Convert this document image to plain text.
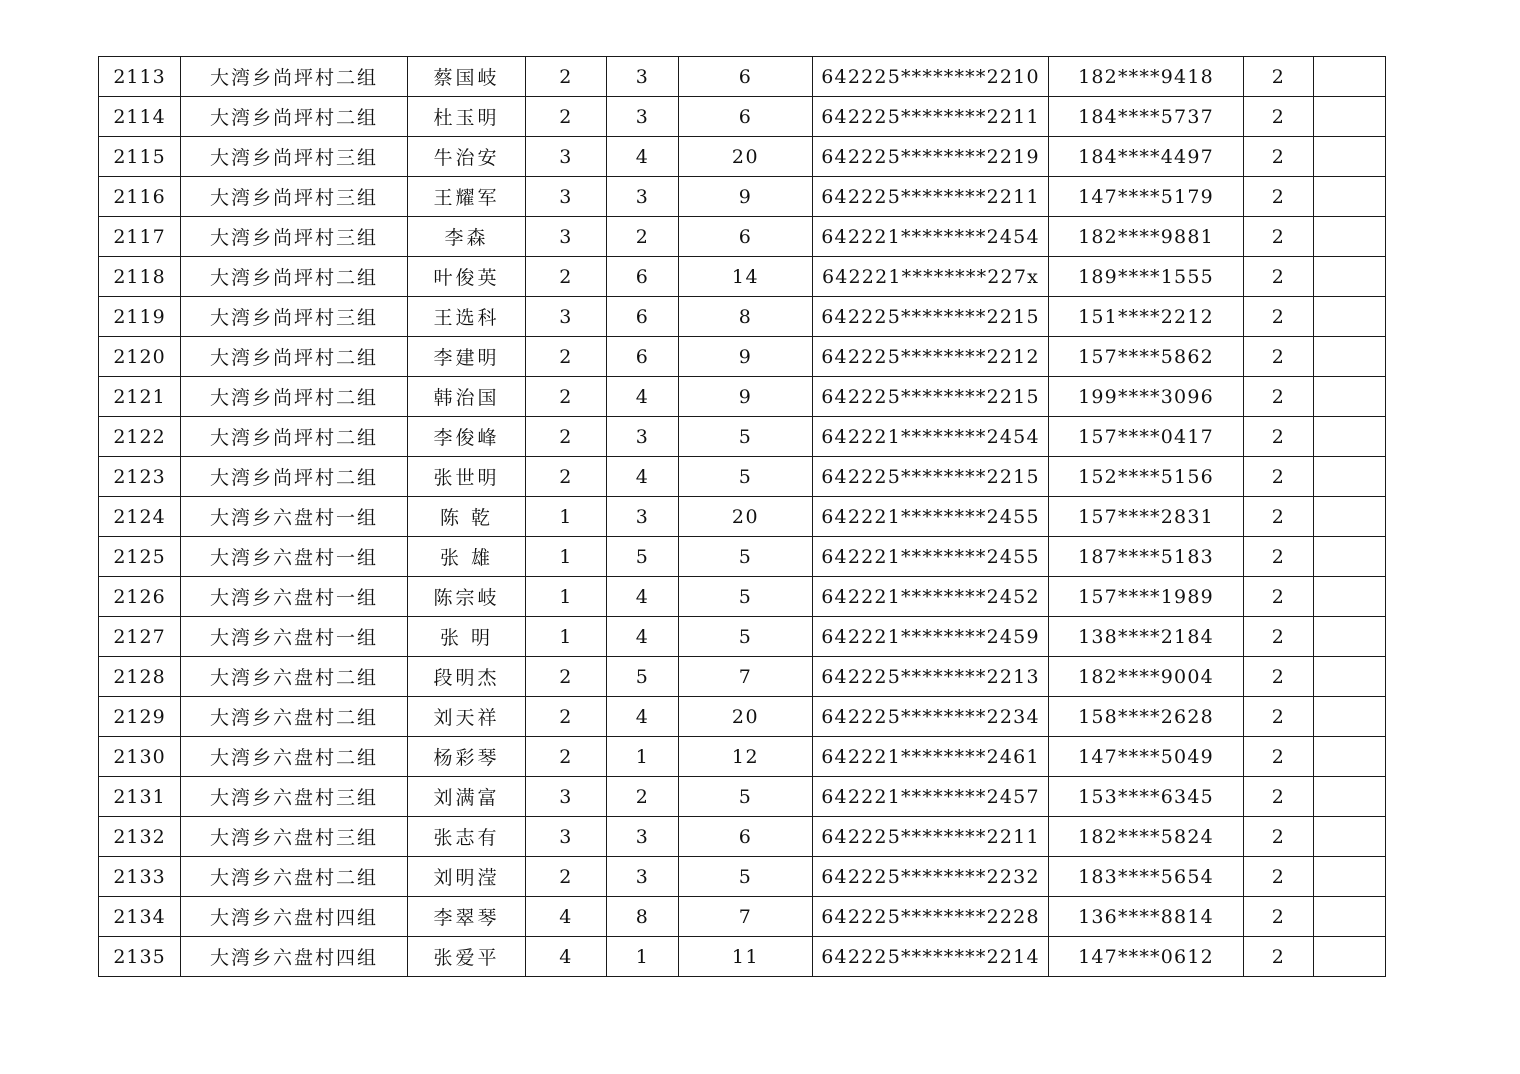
2113	大湾乡尚坪村二组	蔡国岐	2	3	6	642225********2210	182****9418	2	
2114	大湾乡尚坪村二组	杜玉明	2	3	6	642225********2211	184****5737	2	
2115	大湾乡尚坪村三组	牛治安	3	4	20	642225********2219	184****4497	2	
2116	大湾乡尚坪村三组	王耀军	3	3	9	642225********2211	147****5179	2	
2117	大湾乡尚坪村三组	李森	3	2	6	642221********2454	182****9881	2	
2118	大湾乡尚坪村二组	叶俊英	2	6	14	642221********227x	189****1555	2	
2119	大湾乡尚坪村三组	王选科	3	6	8	642225********2215	151****2212	2	
2120	大湾乡尚坪村二组	李建明	2	6	9	642225********2212	157****5862	2	
2121	大湾乡尚坪村二组	韩治国	2	4	9	642225********2215	199****3096	2	
2122	大湾乡尚坪村二组	李俊峰	2	3	5	642221********2454	157****0417	2	
2123	大湾乡尚坪村二组	张世明	2	4	5	642225********2215	152****5156	2	
2124	大湾乡六盘村一组	陈 乾	1	3	20	642221********2455	157****2831	2	
2125	大湾乡六盘村一组	张 雄	1	5	5	642221********2455	187****5183	2	
2126	大湾乡六盘村一组	陈宗岐	1	4	5	642221********2452	157****1989	2	
2127	大湾乡六盘村一组	张 明	1	4	5	642221********2459	138****2184	2	
2128	大湾乡六盘村二组	段明杰	2	5	7	642225********2213	182****9004	2	
2129	大湾乡六盘村二组	刘天祥	2	4	20	642225********2234	158****2628	2	
2130	大湾乡六盘村二组	杨彩琴	2	1	12	642221********2461	147****5049	2	
2131	大湾乡六盘村三组	刘满富	3	2	5	642221********2457	153****6345	2	
2132	大湾乡六盘村三组	张志有	3	3	6	642225********2211	182****5824	2	
2133	大湾乡六盘村二组	刘明滢	2	3	5	642225********2232	183****5654	2	
2134	大湾乡六盘村四组	李翠琴	4	8	7	642225********2228	136****8814	2	
2135	大湾乡六盘村四组	张爱平	4	1	11	642225********2214	147****0612	2	
